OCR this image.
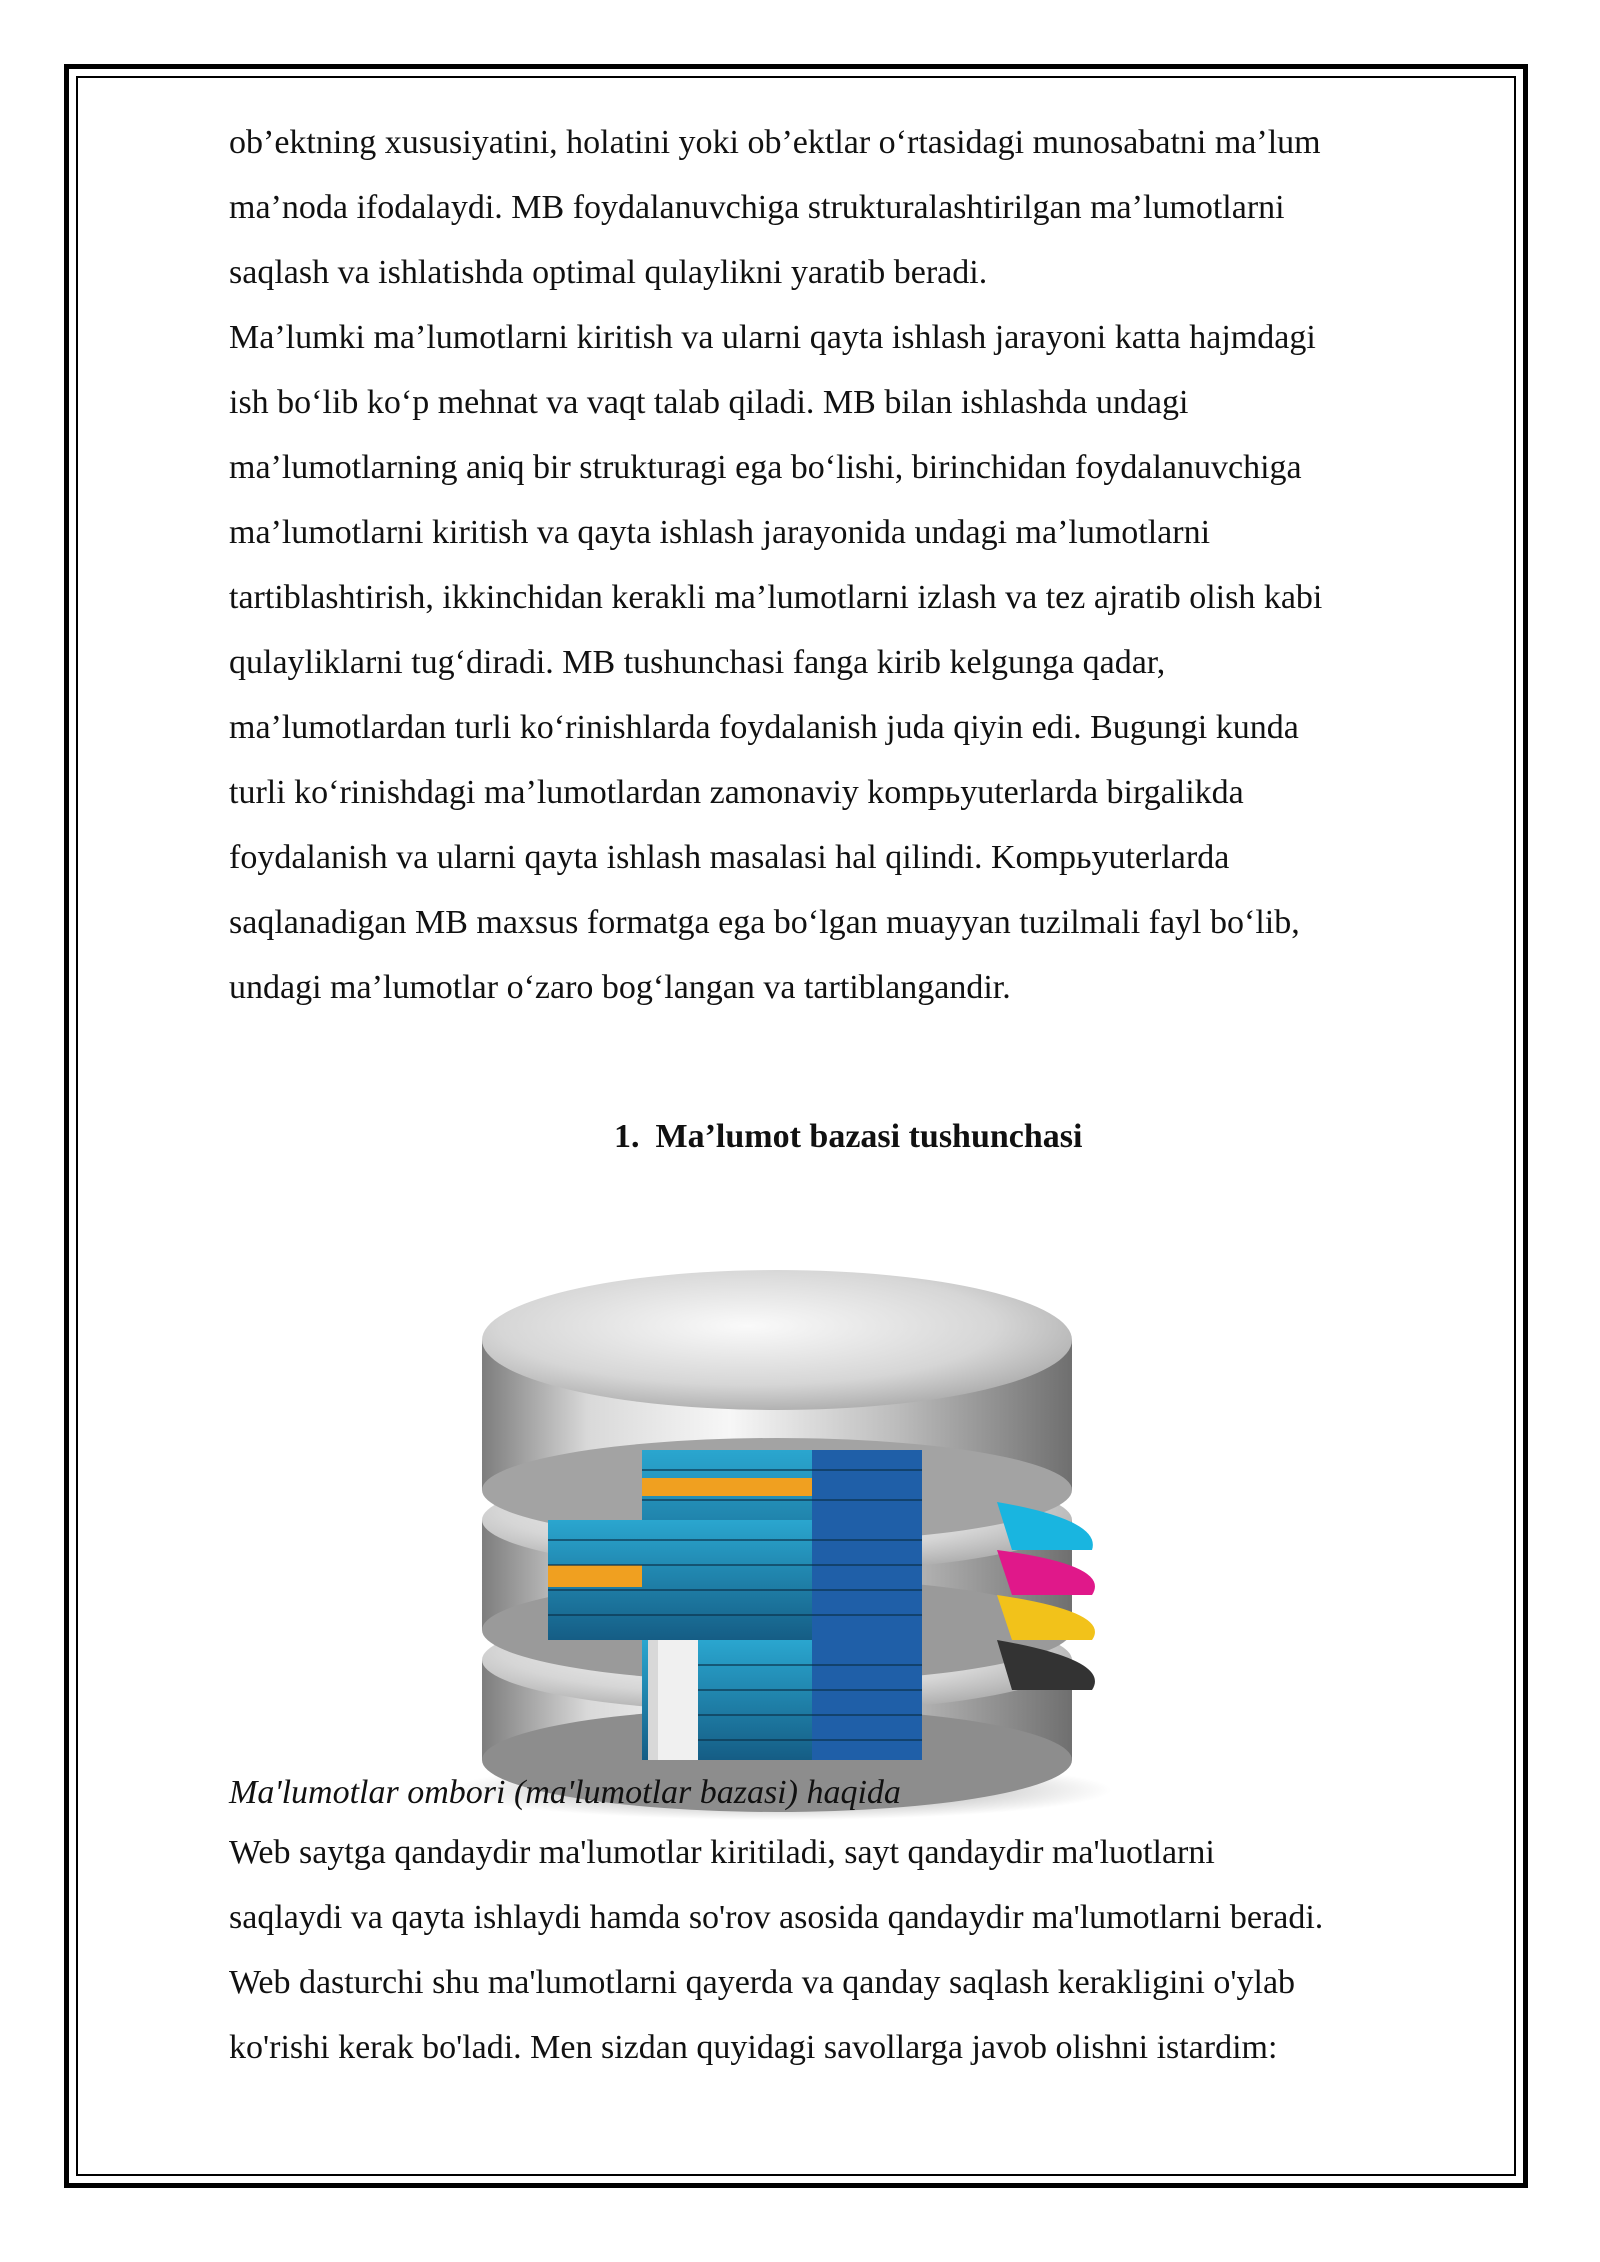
ob’ektning xususiyatini, holatini yoki ob’ektlar o‘rtasidagi munosabatni ma’lum

ma’noda ifodalaydi. MB foydalanuvchiga strukturalashtirilgan ma’lumotlarni

saqlash va ishlatishda optimal qulaylikni yaratib beradi.

Ma’lumki ma’lumotlarni kiritish va ularni qayta ishlash jarayoni katta hajmdagi

ish bo‘lib ko‘p mehnat va vaqt talab qiladi. MB bilan ishlashda undagi

ma’lumotlarning aniq bir strukturagi ega bo‘lishi, birinchidan foydalanuvchiga

ma’lumotlarni kiritish va qayta ishlash jarayonida undagi ma’lumotlarni

tartiblashtirish, ikkinchidan kerakli ma’lumotlarni izlash va tez ajratib olish kabi

qulayliklarni tug‘diradi. MB tushunchasi fanga kirib kelgunga qadar,

ma’lumotlardan turli ko‘rinishlarda foydalanish juda qiyin edi. Bugungi kunda

turli ko‘rinishdagi ma’lumotlardan zamonaviy kompьyuterlarda birgalikda

foydalanish va ularni qayta ishlash masalasi hal qilindi. Kompьyuterlarda

saqlanadigan MB maxsus formatga ega bo‘lgan muayyan tuzilmali fayl bo‘lib,

undagi ma’lumotlar o‘zaro bog‘langan va tartiblangandir.

1. Ma’lumot bazasi tushunchasi

Ma'lumotlar ombori (ma'lumotlar bazasi) haqida

Web saytga qandaydir ma'lumotlar kiritiladi, sayt qandaydir ma'luotlarni

saqlaydi va qayta ishlaydi hamda so'rov asosida qandaydir ma'lumotlarni beradi.

Web dasturchi shu ma'lumotlarni qayerda va qanday saqlash kerakligini o'ylab

ko'rishi kerak bo'ladi. Men sizdan quyidagi savollarga javob olishni istardim:
